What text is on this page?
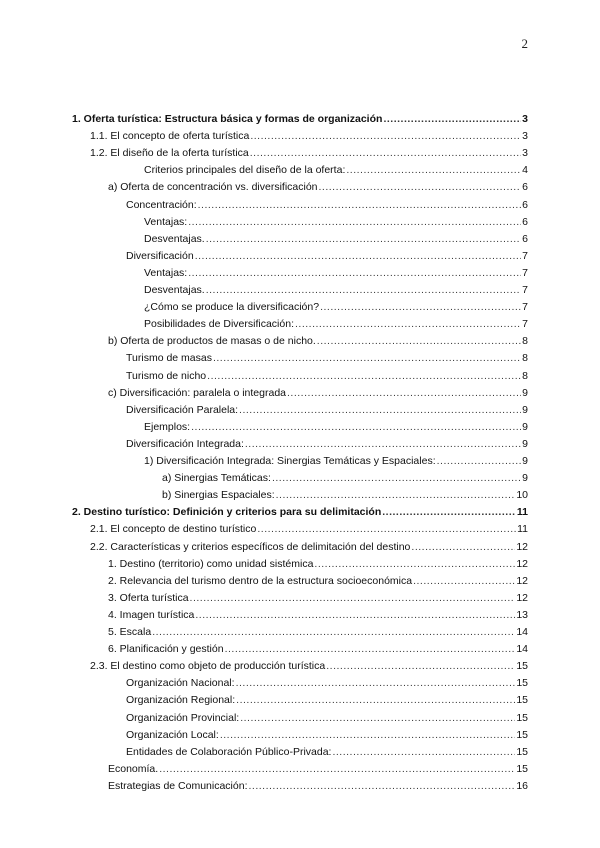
2
1. Oferta turística: Estructura básica y formas de organización .....	3
1.1. El concepto de oferta turística .....	3
1.2. El diseño de la oferta turística .....	3
Criterios principales del diseño de la oferta: .....	4
a) Oferta de concentración vs. diversificación .....	6
Concentración: .....	6
Ventajas: .....	6
Desventajas. .....	6
Diversificación .....	7
Ventajas: .....	7
Desventajas. .....	7
¿Cómo se produce la diversificación? .....	7
Posibilidades de Diversificación: .....	7
b) Oferta de productos de masas o de nicho. .....	8
Turismo de masas .....	8
Turismo de nicho .....	8
c) Diversificación: paralela o integrada .....	9
Diversificación Paralela: .....	9
Ejemplos: .....	9
Diversificación Integrada: .....	9
1) Diversificación Integrada: Sinergias Temáticas y Espaciales: .....	9
a) Sinergias Temáticas: .....	9
b) Sinergias Espaciales: .....	10
2. Destino turístico: Definición y criterios para su delimitación .....	11
2.1. El concepto de destino turístico .....	11
2.2. Características y criterios específicos de delimitación del destino .....	12
1. Destino (territorio) como unidad sistémica .....	12
2. Relevancia del turismo dentro de la estructura socioeconómica .....	12
3. Oferta turística .....	12
4. Imagen turística .....	13
5. Escala .....	14
6. Planificación y gestión .....	14
2.3. El destino como objeto de producción turística .....	15
Organización Nacional: .....	15
Organización Regional: .....	15
Organización Provincial: .....	15
Organización Local: .....	15
Entidades de Colaboración Público-Privada: .....	15
Economía. .....	15
Estrategias de Comunicación: .....	16
